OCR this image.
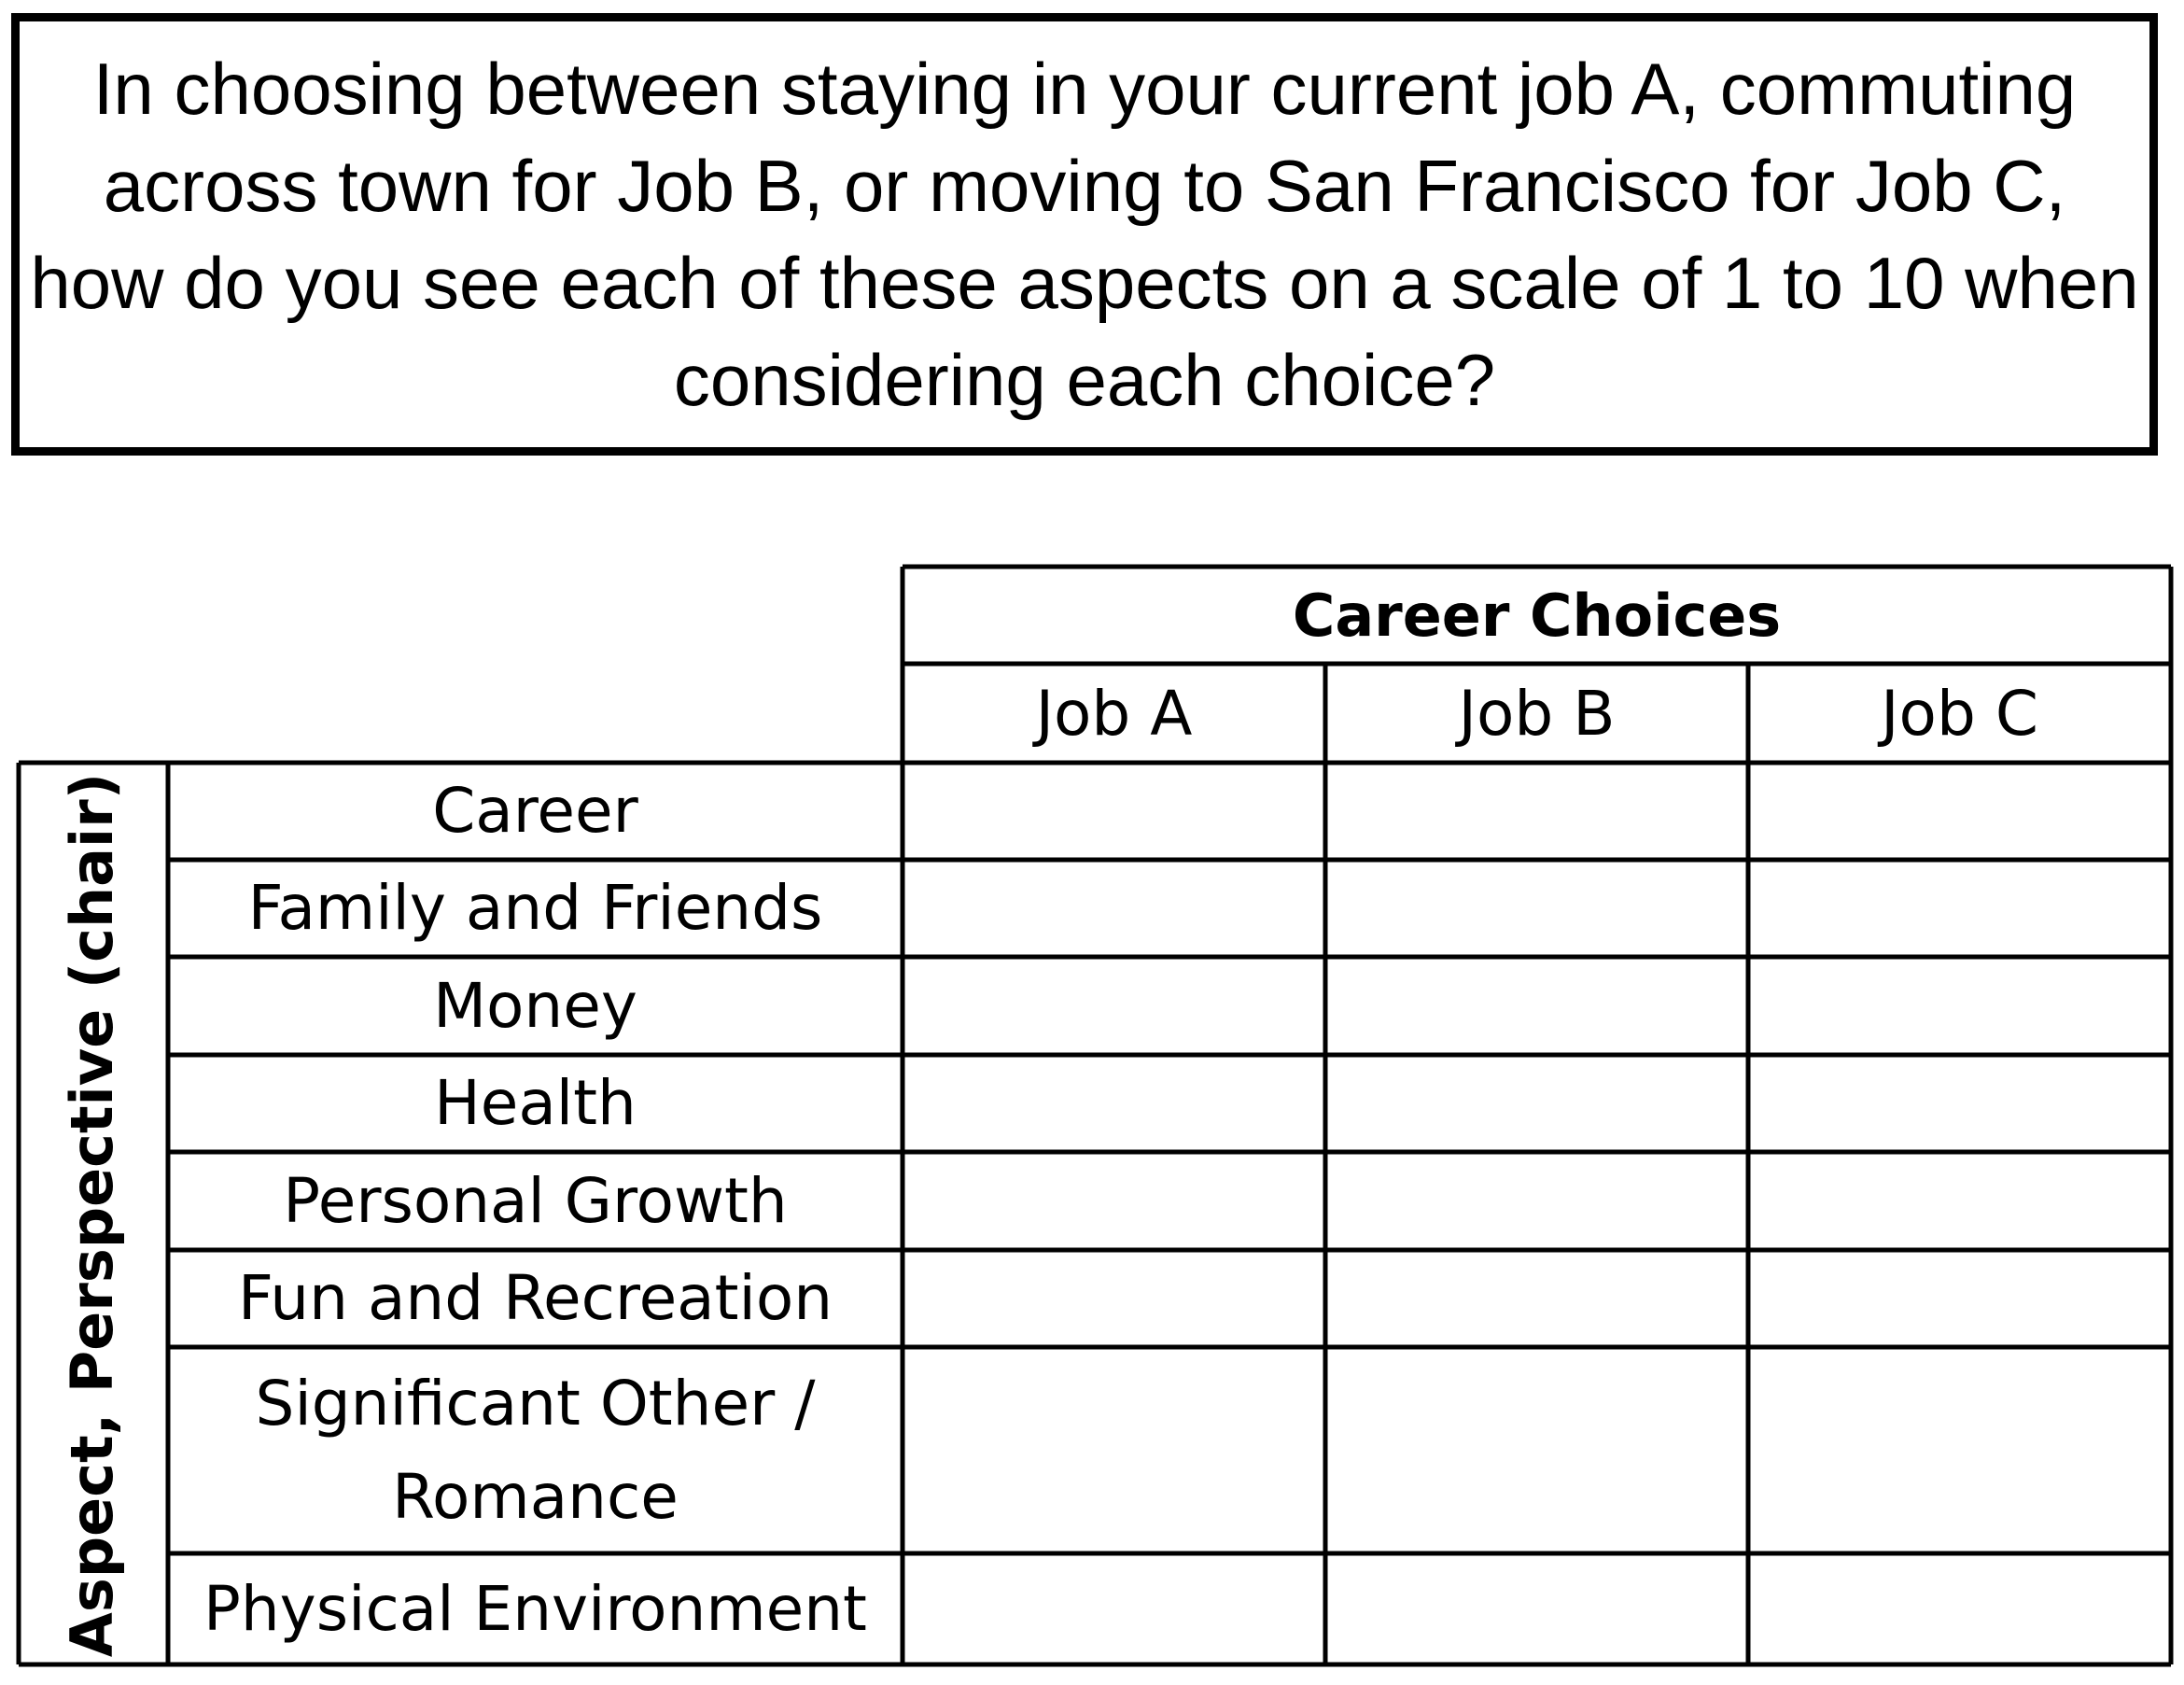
In choosing between staying in your current job A, commuting across town for Job B, or moving to San Francisco for Job C, how do you see each of these aspects on a scale of 1 to 10 when considering each choice?

Career Choices
Job A	Job B	Job C
Aspect, Perspective (chair)	Career
Family and Friends
Money
Health
Personal Growth
Fun and Recreation
Significant Other / Romance
Physical Environment
